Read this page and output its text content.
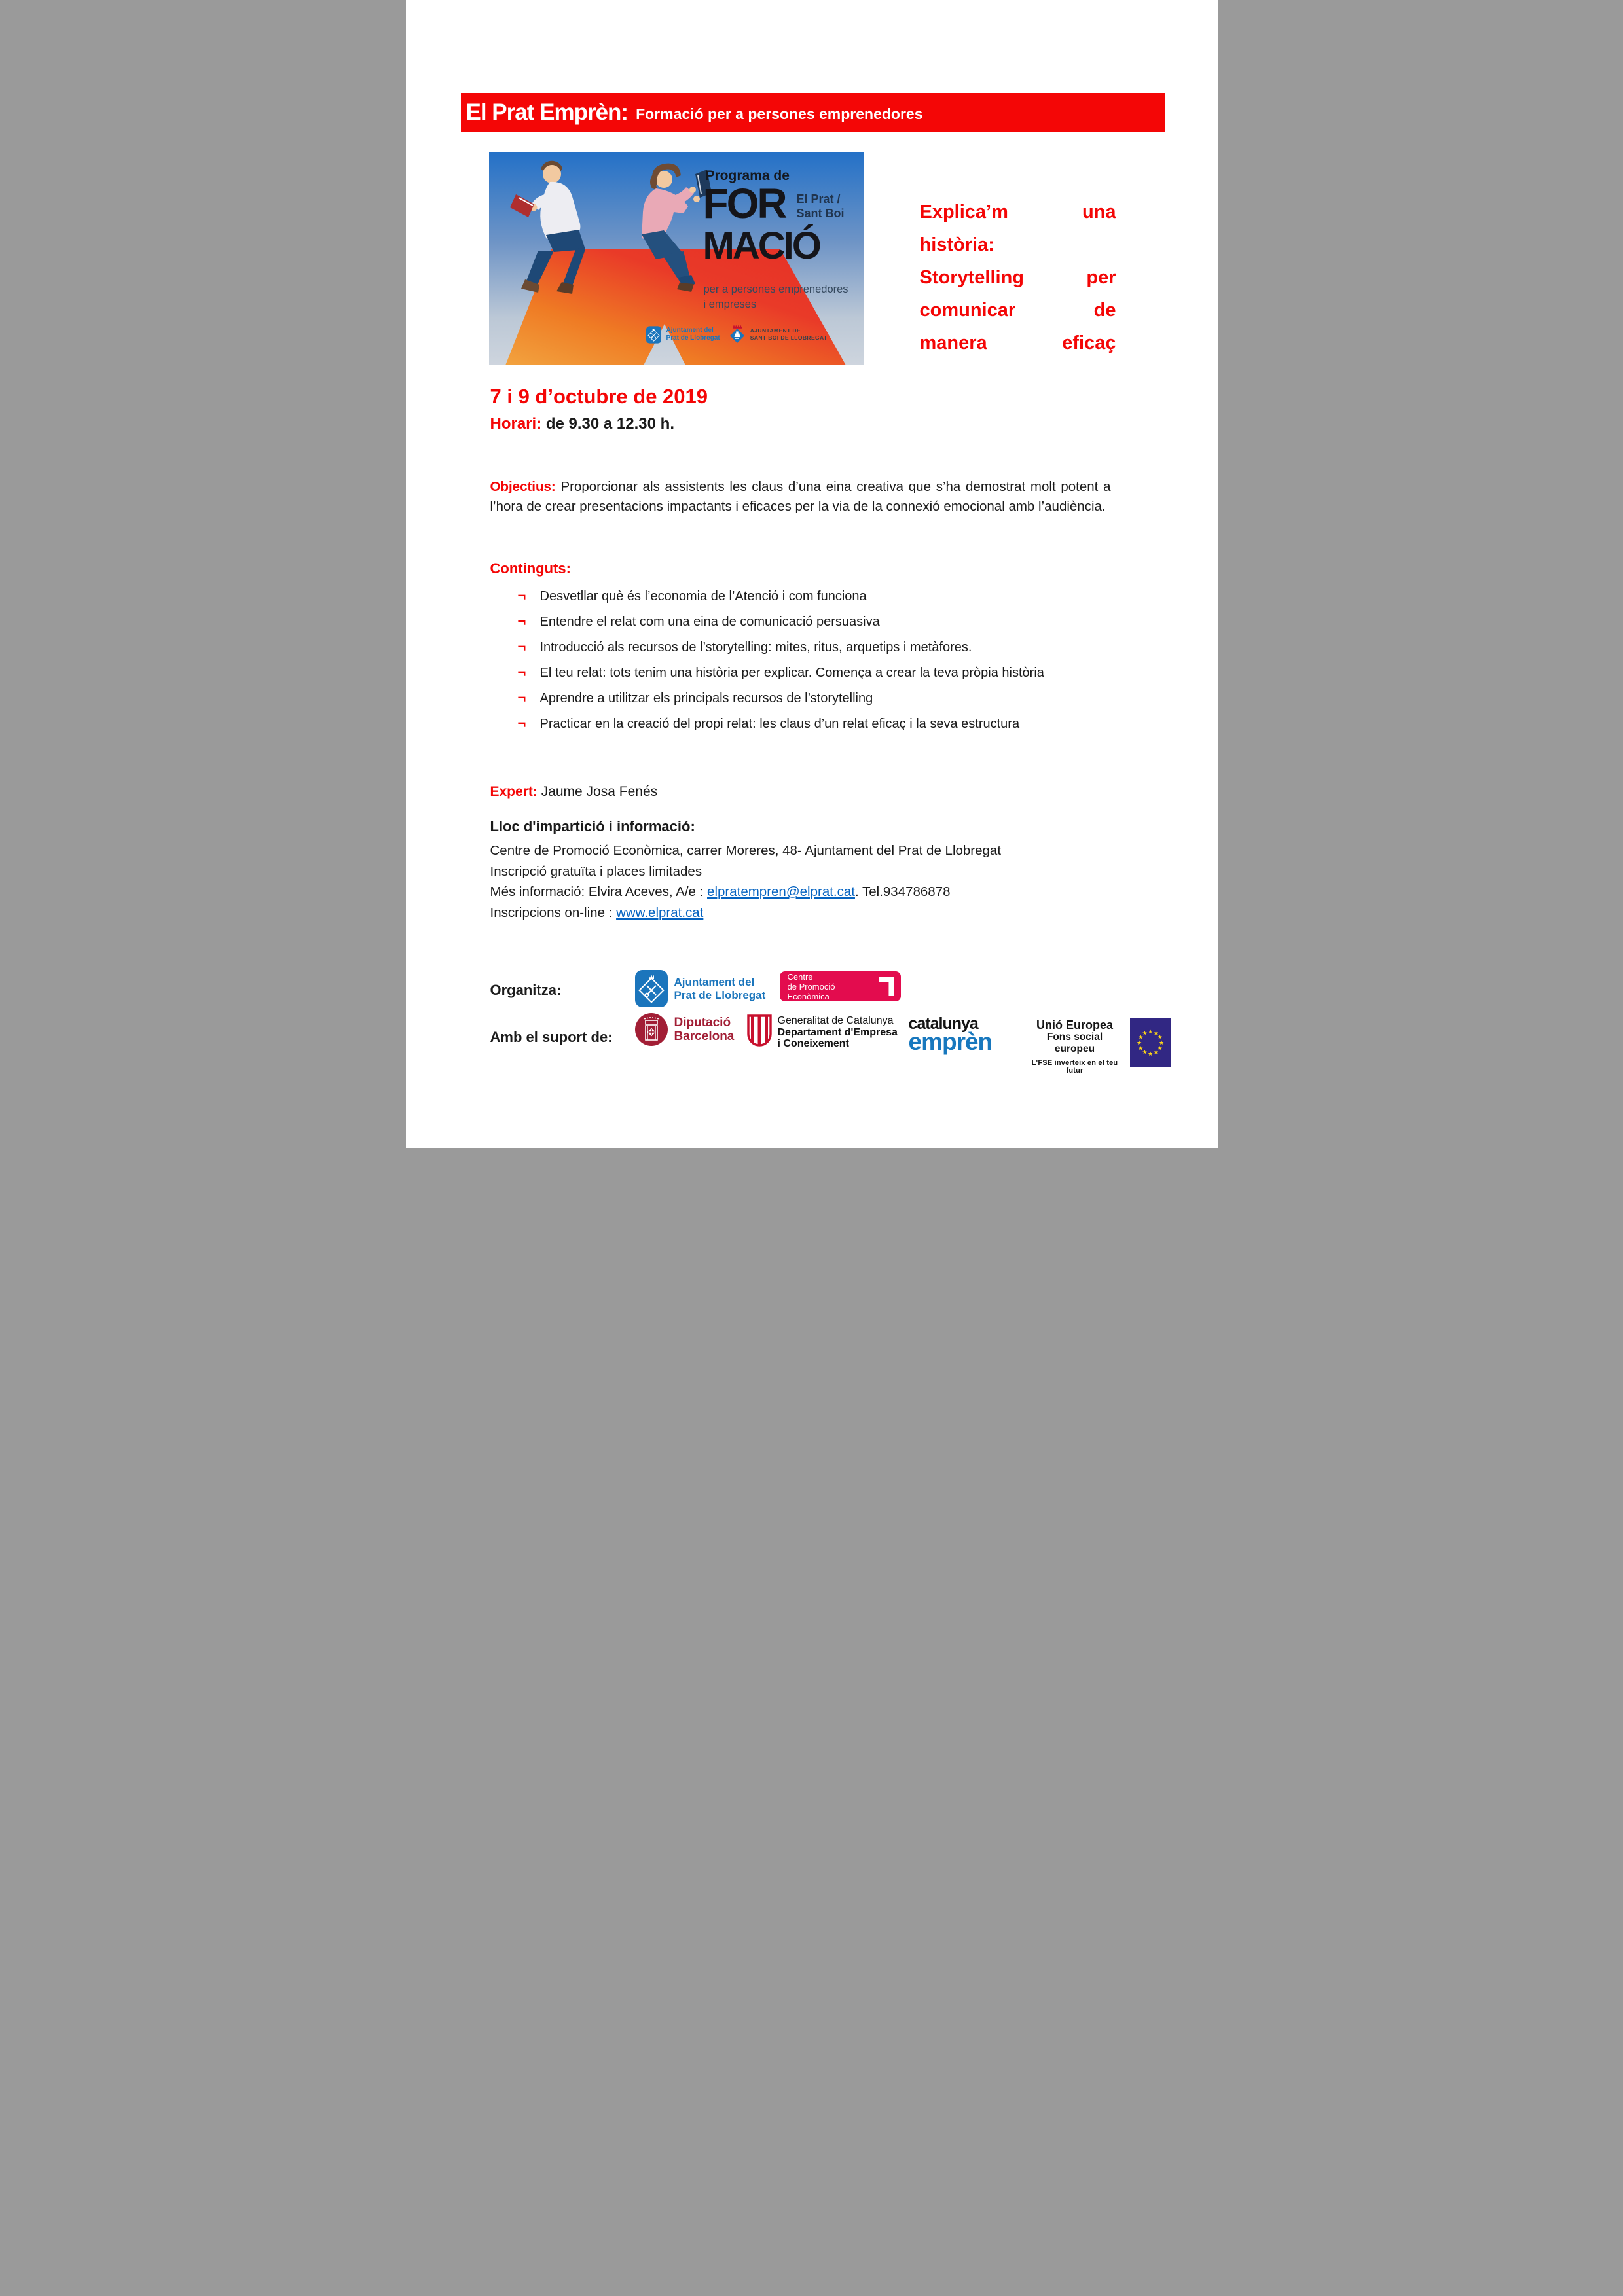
El Prat Emprèn: Formació per a persones emprenedores
Programa de
FOR El Prat /
Sant Boi
MACIÓ
per a persones emprenedores
i empreses
Ajuntament del
Prat de Llobregat
AJUNTAMENT DE
SANT BOI DE LLOBREGAT
Explica’m	una
història:
Storytelling	per
comunicar	de
manera	eficaç
7 i 9 d’octubre de 2019
Horari: de 9.30 a 12.30 h.

Objectius: Proporcionar als assistents les claus d’una eina creativa que s’ha demostrat molt potent a l’hora de crear presentacions impactants i eficaces per la via de la connexió emocional amb l’audiència.

Continguts:
¬ Desvetllar què és l’economia de l’Atenció i com funciona
¬ Entendre el relat com una eina de comunicació persuasiva
¬ Introducció als recursos de l’storytelling: mites, ritus, arquetips i metàfores.
¬ El teu relat: tots tenim una història per explicar. Comença a crear la teva pròpia història
¬ Aprendre a utilitzar els principals recursos de l’storytelling
¬ Practicar en la creació del propi relat: les claus d’un relat eficaç i la seva estructura
Expert: Jaume Josa Fenés
Lloc d'impartició i informació:
Centre de Promoció Econòmica, carrer Moreres, 48- Ajuntament del Prat de Llobregat
Inscripció gratuïta i places limitades
Més informació: Elvira Aceves, A/e : elpratempren@elprat.cat. Tel.934786878
Inscripcions on-line : www.elprat.cat
Organitza:	Ajuntament del
Prat de Llobregat
Centre
de Promoció Econòmica
Amb el suport de:
Diputació
Barcelona
Generalitat de Catalunya
Departament d'Empresa
i Coneixement
catalunya
emprèn
Unió Europea
Fons social europeu
L'FSE inverteix en el teu futur
★ ★
★
★
★
★
★
★
★
★
★
★
